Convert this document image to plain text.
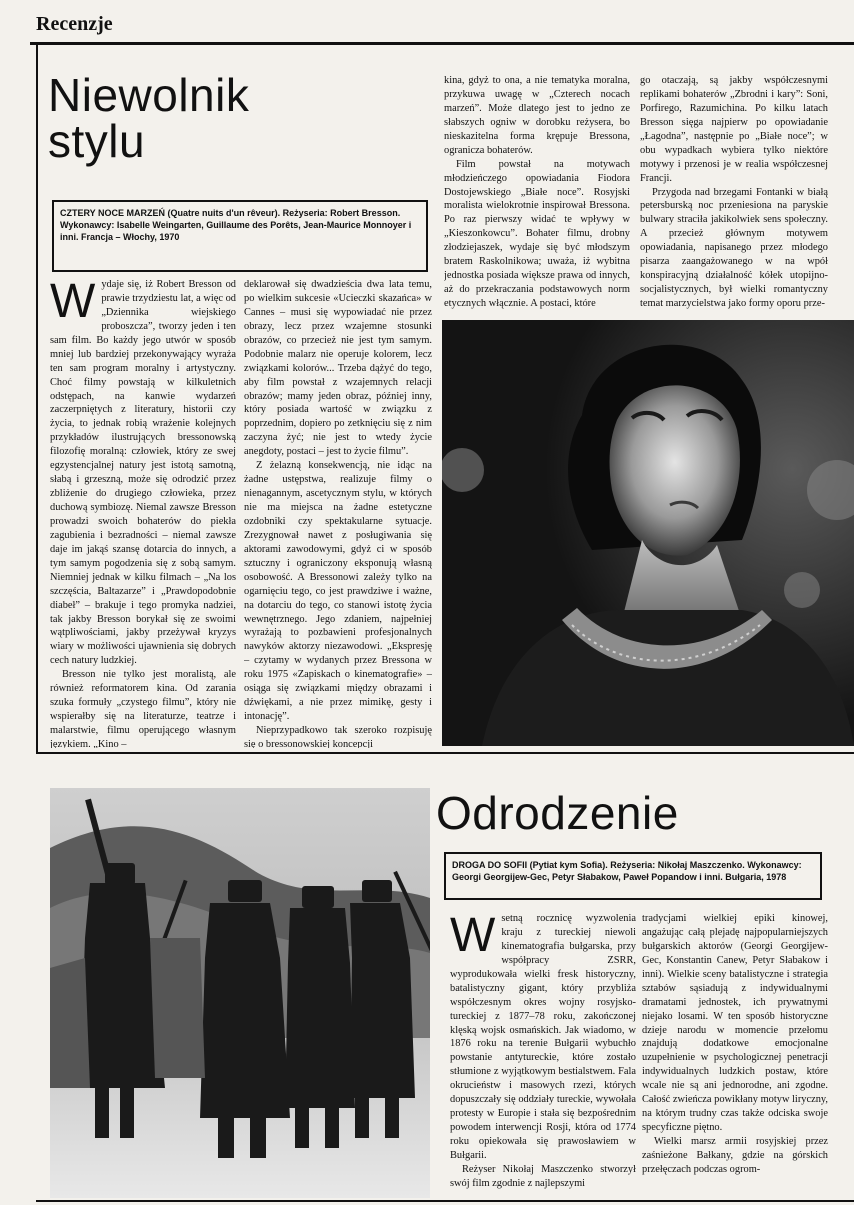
Recenzje
Niewolnik
stylu
CZTERY NOCE MARZEŃ (Quatre nuits d'un rêveur). Reżyseria: Robert Bresson. Wykonawcy: Isabelle Weingarten, Guillaume des Porêts, Jean-Maurice Monnoyer i inni. Francja – Włochy, 1970

Wydaje się, iż Robert Bresson od prawie trzydziestu lat, a więc od „Dziennika wiejskiego proboszcza”, tworzy jeden i ten sam film. Bo każdy jego utwór w sposób mniej lub bardziej przekonywający wyraża ten sam program moralny i artystyczny. Choć filmy powstają w kilkuletnich odstępach, na kanwie wydarzeń zaczerpniętych z literatury, historii czy życia, to jednak robią wrażenie kolejnych przykładów ilustrujących bressonowską filozofię moralną: człowiek, który ze swej egzystencjalnej natury jest istotą samotną, słabą i grzeszną, może się odrodzić przez zbliżenie do drugiego człowieka, przez duchową symbiozę. Niemal zawsze Bresson prowadzi swoich bohaterów do piekła zagubienia i bezradności – niemal zawsze daje im jakąś szansę dotarcia do innych, a tym samym pogodzenia się z sobą samym. Niemniej jednak w kilku filmach – „Na los szczęścia, Baltazarze” i „Prawdopodobnie diabeł” – brakuje i tego promyka nadziei, tak jakby Bresson borykał się ze swoimi wątpliwościami, jakby przeżywał kryzys wiary w możliwości ujawnienia się dobrych cech natury ludzkiej.

Bresson nie tylko jest moralistą, ale również reformatorem kina. Od zarania szuka formuły „czystego filmu”, który nie wspierałby się na literaturze, teatrze i malarstwie, filmu operującego własnym językiem. „Kino –

deklarował się dwadzieścia dwa lata temu, po wielkim sukcesie «Ucieczki skazańca» w Cannes – musi się wypowiadać nie przez obrazy, lecz przez wzajemne stosunki obrazów, co przecież nie jest tym samym. Podobnie malarz nie operuje kolorem, lecz związkami kolorów... Trzeba dążyć do tego, aby film powstał z wzajemnych relacji obrazów; mamy jeden obraz, później inny, który posiada wartość w związku z poprzednim, dopiero po zetknięciu się z nim zaczyna żyć; nie jest to wtedy życie anegdoty, postaci – jest to życie filmu”.

Z żelazną konsekwencją, nie idąc na żadne ustępstwa, realizuje filmy o nienagannym, ascetycznym stylu, w których nie ma miejsca na żadne estetyczne ozdobniki czy spektakularne sytuacje. Zrezygnował nawet z posługiwania się aktorami zawodowymi, gdyż ci w sposób sztuczny i ograniczony eksponują własną osobowość. A Bressonowi zależy tylko na ogarnięciu tego, co jest prawdziwe i ważne, na dotarciu do tego, co stanowi istotę życia wewnętrznego. Jego zdaniem, najpełniej wyrażają to pozbawieni profesjonalnych nawyków aktorzy niezawodowi. „Ekspresję – czytamy w wydanych przez Bressona w roku 1975 «Zapiskach o kinematografie» – osiąga się związkami między obrazami i dźwiękami, a nie przez mimikę, gesty i intonację”.

Nieprzypadkowo tak szeroko rozpisuję się o bressonowskiej koncepcji

kina, gdyż to ona, a nie tematyka moralna, przykuwa uwagę w „Czterech nocach marzeń”. Może dlatego jest to jedno ze słabszych ogniw w dorobku reżysera, bo nieskazitelna forma krępuje Bressona, ogranicza bohaterów.

Film powstał na motywach młodzieńczego opowiadania Fiodora Dostojewskiego „Białe noce”. Rosyjski moralista wielokrotnie inspirował Bressona. Po raz pierwszy widać te wpływy w „Kieszonkowcu”. Bohater filmu, drobny złodziejaszek, wydaje się być młodszym bratem Raskolnikowa; uważa, iż wybitna jednostka posiada większe prawa od innych, aż do przekraczania podstawowych norm etycznych włącznie. A postaci, które

go otaczają, są jakby współczesnymi replikami bohaterów „Zbrodni i kary”: Soni, Porfirego, Razumichina. Po kilku latach Bresson sięga najpierw po opowiadanie „Łagodna”, następnie po „Białe noce”; w obu wypadkach wybiera tylko niektóre motywy i przenosi je w realia współczesnej Francji.

Przygoda nad brzegami Fontanki w białą petersburską noc przeniesiona na paryskie bulwary straciła jakikolwiek sens społeczny. A przecież głównym motywem opowiadania, napisanego przez młodego pisarza zaangażowanego w na wpół konspiracyjną działalność kółek utopijno-socjalistycznych, był wielki romantyczny temat marzycielstwa jako formy oporu prze-

Odrodzenie
DROGA DO SOFII (Pytiat kym Sofia). Reżyseria: Nikołaj Maszczenko. Wykonawcy: Georgi Georgijew-Gec, Petyr Słabakow, Paweł Popandow i inni. Bułgaria, 1978

Wsetną rocznicę wyzwolenia kraju z tureckiej niewoli kinematografia bułgarska, przy współpracy ZSRR, wyprodukowała wielki fresk historyczny, batalistyczny gigant, który przybliża współczesnym okres wojny rosyjsko-tureckiej z 1877–78 roku, zakończonej klęską wojsk osmańskich. Jak wiadomo, w 1876 roku na terenie Bułgarii wybuchło powstanie antytureckie, które zostało stłumione z wyjątkowym bestialstwem. Fala okrucieństw i masowych rzezi, których dopuszczały się oddziały tureckie, wywołała protesty w Europie i stała się bezpośrednim powodem interwencji Rosji, która od 1774 roku opiekowała się prawosławiem w Bułgarii.

Reżyser Nikołaj Maszczenko stworzył swój film zgodnie z najlepszymi

tradycjami wielkiej epiki kinowej, angażując całą plejadę najpopularniejszych bułgarskich aktorów (Georgi Georgijew-Gec, Konstantin Canew, Petyr Słabakow i inni). Wielkie sceny batalistyczne i strategia sztabów sąsiadują z indywidualnymi dramatami jednostek, ich prywatnymi niejako losami. W ten sposób historyczne dzieje narodu w momencie przełomu znajdują dodatkowe emocjonalne uzupełnienie w psychologicznej penetracji indywidualnych ludzkich postaw, które wcale nie są ani jednorodne, ani zgodne. Całość zwieńcza powikłany motyw liryczny, na którym trudny czas także odciska swoje specyficzne piętno.

Wielki marsz armii rosyjskiej przez zaśnieżone Bałkany, gdzie na górskich przełęczach podczas ogrom-
